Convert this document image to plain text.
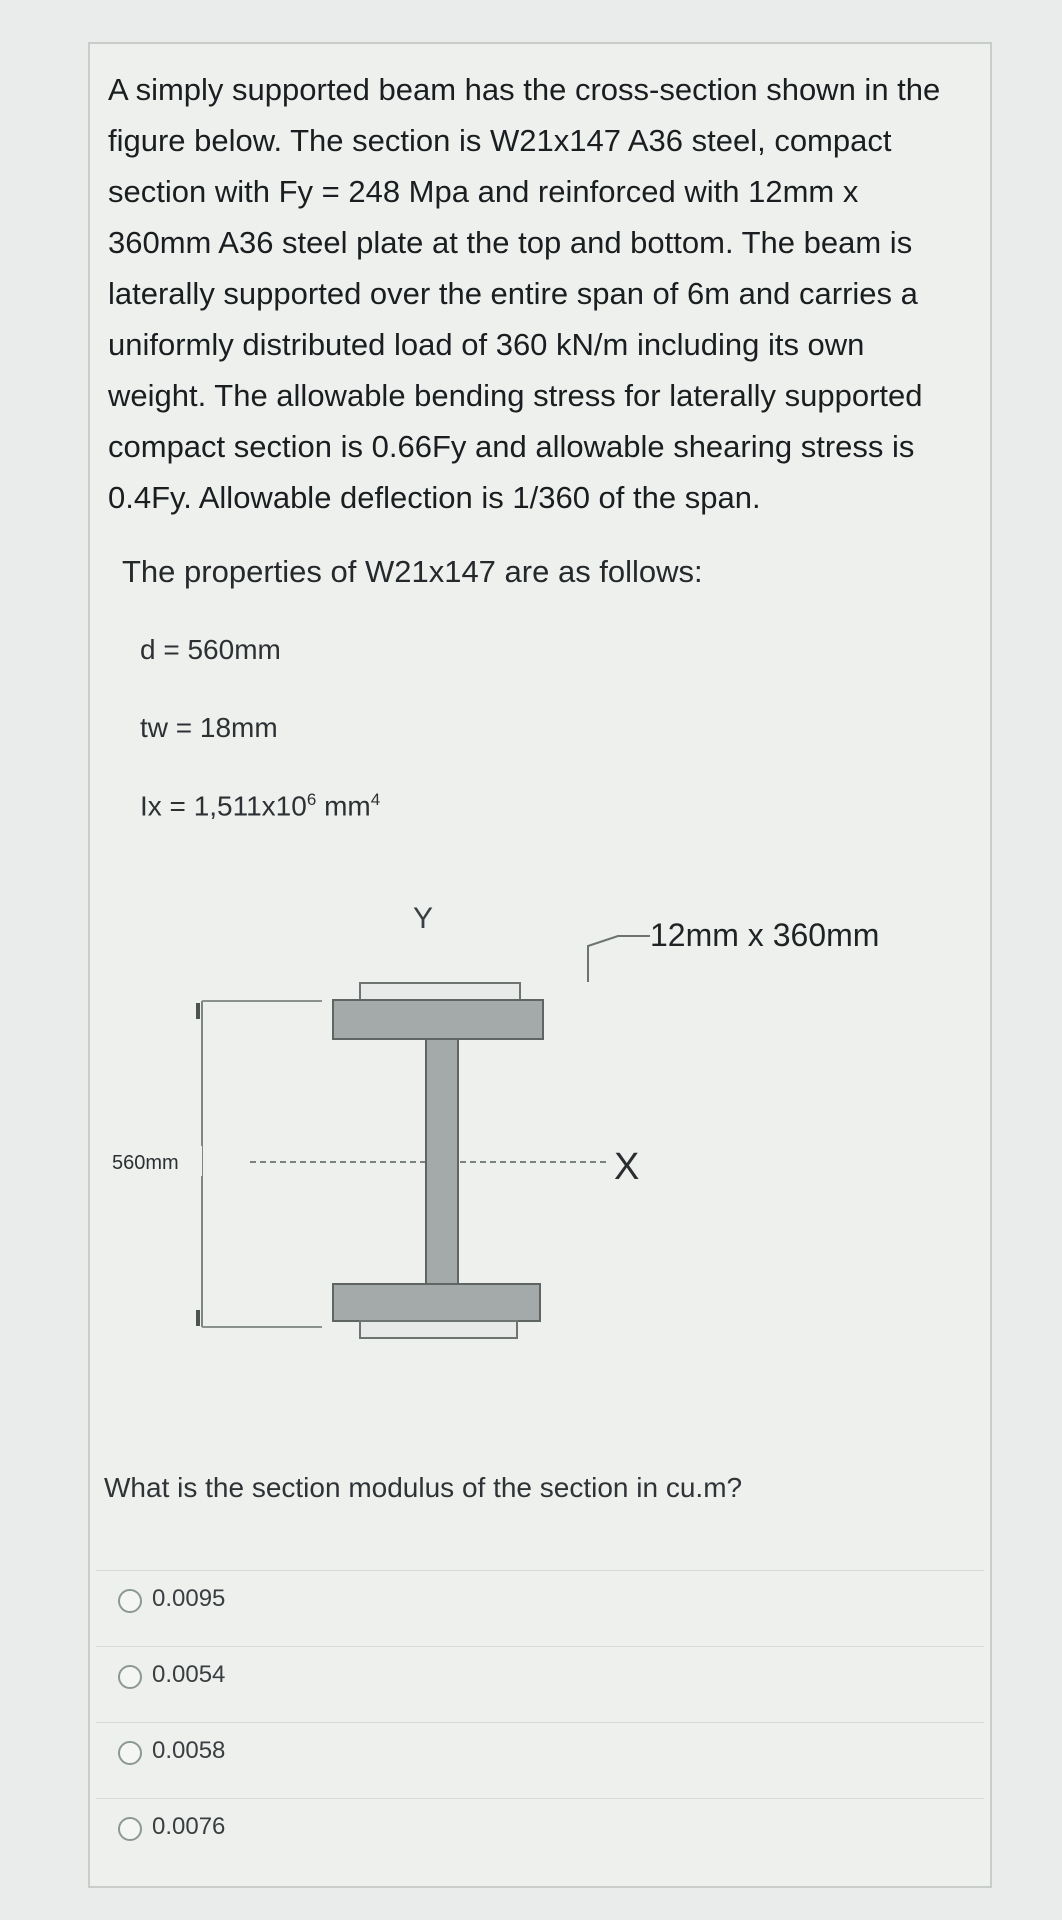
A simply supported beam has the cross-section shown in the
figure below. The section is W21x147 A36 steel, compact
section with Fy = 248 Mpa and reinforced with 12mm x
360mm A36 steel plate at the top and bottom. The beam is
laterally supported over the entire span of 6m and carries a
uniformly distributed load of 360 kN/m including its own
weight. The allowable bending stress for laterally supported
compact section is 0.66Fy and allowable shearing stress is
0.4Fy. Allowable deflection is 1/360 of the span.
The properties of W21x147 are as follows:
d = 560mm
tw = 18mm
$Ix = 1,511x10^6$ $mm^4$
560mm	X
Y	12mm x 360mm
What is the section modulus of the section in cu.m?
0.0095
0.0054
0.0058
0.0076
